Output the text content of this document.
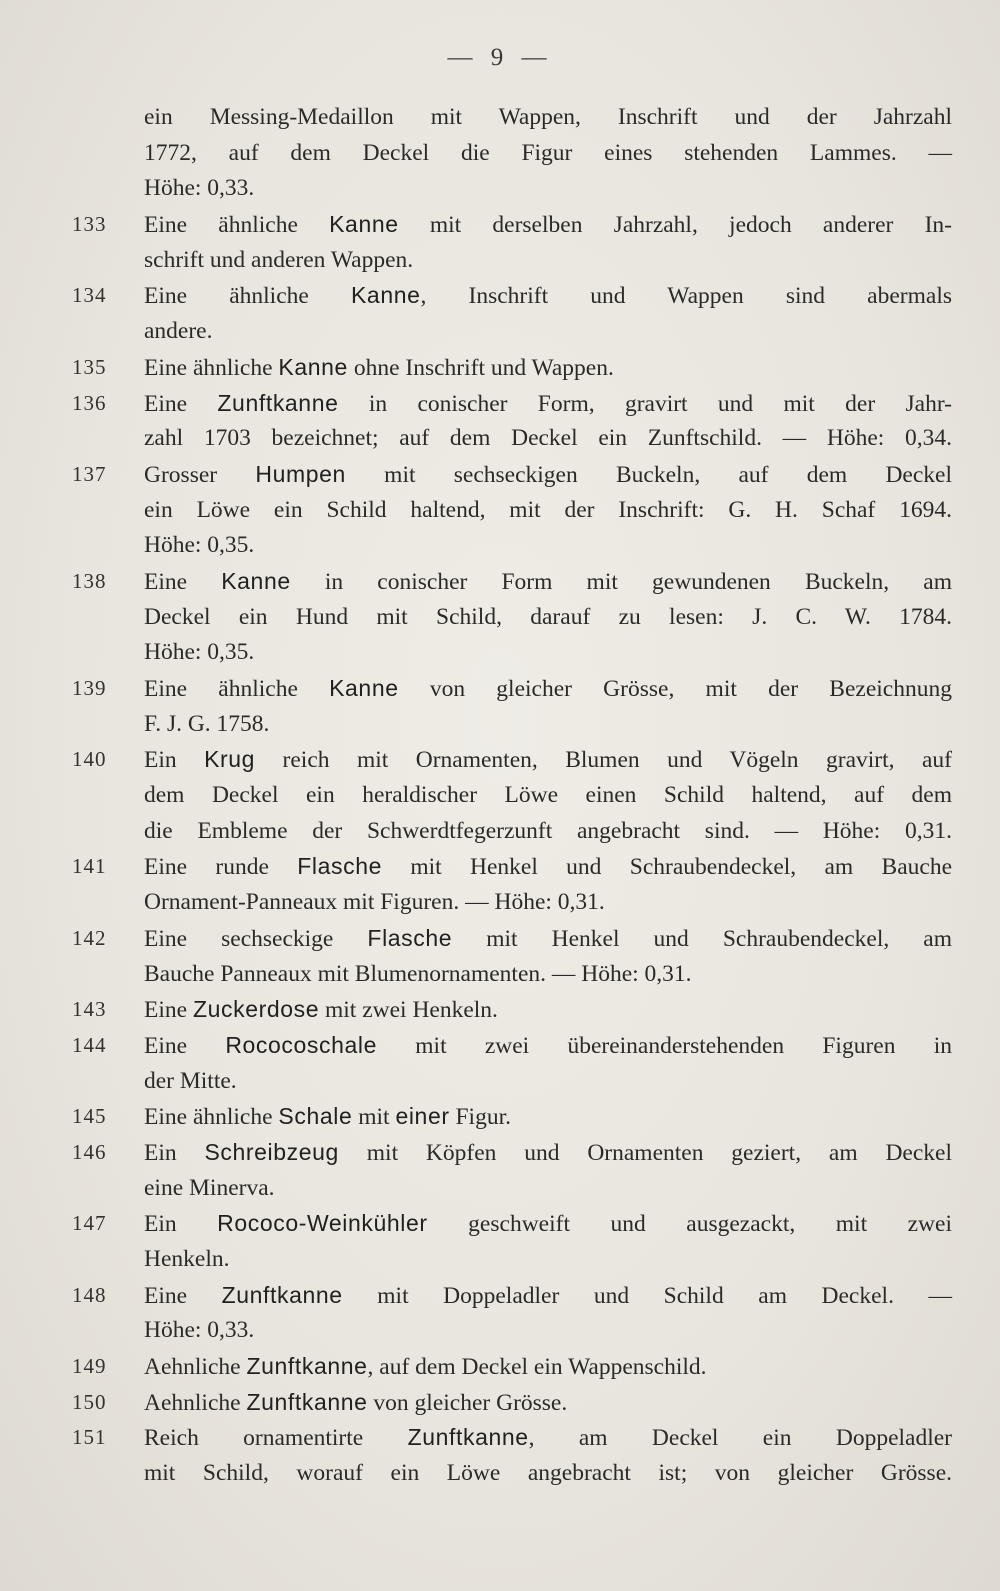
— 9 —
ein Messing-Medaillon mit Wappen, Inschrift und der Jahrzahl
1772, auf dem Deckel die Figur eines stehenden Lammes. —
Höhe: 0,33.
133	Eine ähnliche Kanne mit derselben Jahrzahl, jedoch anderer In-
schrift und anderen Wappen.
134	Eine ähnliche Kanne, Inschrift und Wappen sind abermals
andere.
135	Eine ähnliche Kanne ohne Inschrift und Wappen.
136	Eine Zunftkanne in conischer Form, gravirt und mit der Jahr-
zahl 1703 bezeichnet; auf dem Deckel ein Zunftschild. — Höhe: 0,34.
137	Grosser Humpen mit sechseckigen Buckeln, auf dem Deckel
ein Löwe ein Schild haltend, mit der Inschrift: G. H. Schaf 1694.
Höhe: 0,35.
138	Eine Kanne in conischer Form mit gewundenen Buckeln, am
Deckel ein Hund mit Schild, darauf zu lesen: J. C. W. 1784.
Höhe: 0,35.
139	Eine ähnliche Kanne von gleicher Grösse, mit der Bezeichnung
F. J. G. 1758.
140	Ein Krug reich mit Ornamenten, Blumen und Vögeln gravirt, auf
dem Deckel ein heraldischer Löwe einen Schild haltend, auf dem
die Embleme der Schwerdtfegerzunft angebracht sind. — Höhe: 0,31.
141	Eine runde Flasche mit Henkel und Schraubendeckel, am Bauche
Ornament-Panneaux mit Figuren. — Höhe: 0,31.
142	Eine sechseckige Flasche mit Henkel und Schraubendeckel, am
Bauche Panneaux mit Blumenornamenten. — Höhe: 0,31.
143	Eine Zuckerdose mit zwei Henkeln.
144	Eine Rococoschale mit zwei übereinanderstehenden Figuren in
der Mitte.
145	Eine ähnliche Schale mit einer Figur.
146	Ein Schreibzeug mit Köpfen und Ornamenten geziert, am Deckel
eine Minerva.
147	Ein Rococo-Weinkühler geschweift und ausgezackt, mit zwei
Henkeln.
148	Eine Zunftkanne mit Doppeladler und Schild am Deckel. —
Höhe: 0,33.
149	Aehnliche Zunftkanne, auf dem Deckel ein Wappenschild.
150	Aehnliche Zunftkanne von gleicher Grösse.
151	Reich ornamentirte Zunftkanne, am Deckel ein Doppeladler
mit Schild, worauf ein Löwe angebracht ist; von gleicher Grösse.
